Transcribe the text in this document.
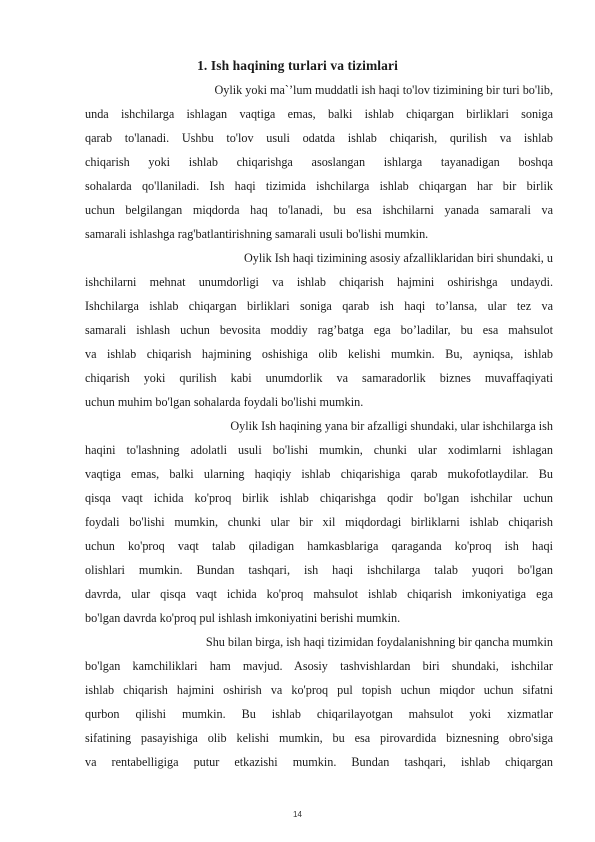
1. Ish haqining turlari va tizimlari
Oylik yoki ma`’lum muddatli ish haqi to'lov tizimining bir turi bo'lib,
unda ishchilarga ishlagan vaqtiga emas, balki ishlab chiqargan birliklari soniga
qarab to'lanadi. Ushbu to'lov usuli odatda ishlab chiqarish, qurilish va ishlab
chiqarish yoki ishlab chiqarishga asoslangan ishlarga tayanadigan boshqa
sohalarda qo'llaniladi. Ish haqi tizimida ishchilarga ishlab chiqargan har bir birlik
uchun belgilangan miqdorda haq to'lanadi, bu esa ishchilarni yanada samarali va
samarali ishlashga rag'batlantirishning samarali usuli bo'lishi mumkin.
Oylik Ish haqi tizimining asosiy afzalliklaridan biri shundaki, u
ishchilarni mehnat unumdorligi va ishlab chiqarish hajmini oshirishga undaydi.
Ishchilarga ishlab chiqargan birliklari soniga qarab ish haqi to’lansa, ular tez va
samarali ishlash uchun bevosita moddiy rag’batga ega bo’ladilar, bu esa mahsulot
va ishlab chiqarish hajmining oshishiga olib kelishi mumkin. Bu, ayniqsa, ishlab
chiqarish yoki qurilish kabi unumdorlik va samaradorlik biznes muvaffaqiyati
uchun muhim bo'lgan sohalarda foydali bo'lishi mumkin.
Oylik Ish haqining yana bir afzalligi shundaki, ular ishchilarga ish
haqini to'lashning adolatli usuli bo'lishi mumkin, chunki ular xodimlarni ishlagan
vaqtiga emas, balki ularning haqiqiy ishlab chiqarishiga qarab mukofotlaydilar. Bu
qisqa vaqt ichida ko'proq birlik ishlab chiqarishga qodir bo'lgan ishchilar uchun
foydali bo'lishi mumkin, chunki ular bir xil miqdordagi birliklarni ishlab chiqarish
uchun ko'proq vaqt talab qiladigan hamkasblariga qaraganda ko'proq ish haqi
olishlari mumkin. Bundan tashqari, ish haqi ishchilarga talab yuqori bo'lgan
davrda, ular qisqa vaqt ichida ko'proq mahsulot ishlab chiqarish imkoniyatiga ega
bo'lgan davrda ko'proq pul ishlash imkoniyatini berishi mumkin.
Shu bilan birga, ish haqi tizimidan foydalanishning bir qancha mumkin
bo'lgan kamchiliklari ham mavjud. Asosiy tashvishlardan biri shundaki, ishchilar
ishlab chiqarish hajmini oshirish va ko'proq pul topish uchun miqdor uchun sifatni
qurbon qilishi mumkin. Bu ishlab chiqarilayotgan mahsulot yoki xizmatlar
sifatining pasayishiga olib kelishi mumkin, bu esa pirovardida biznesning obro'siga
va rentabelligiga putur etkazishi mumkin. Bundan tashqari, ishlab chiqargan
14
